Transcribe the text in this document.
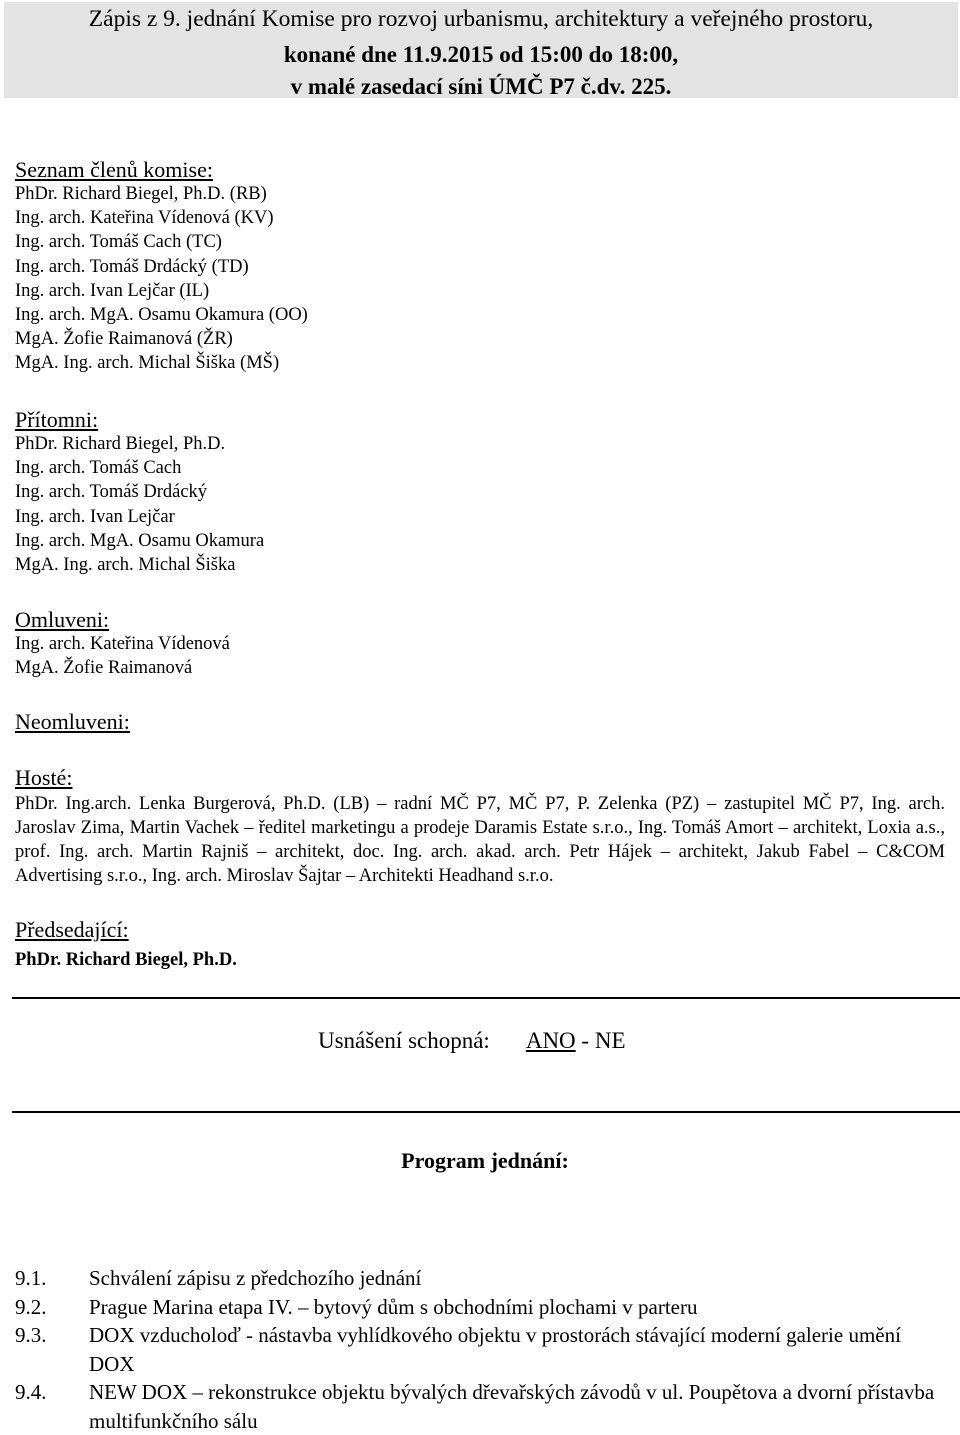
Zápis z 9. jednání Komise pro rozvoj urbanismu, architektury a veřejného prostoru,
konané dne 11.9.2015 od 15:00 do 18:00,
v malé zasedací síni ÚMČ P7 č.dv. 225.

Seznam členů komise:

PhDr. Richard Biegel, Ph.D. (RB)

Ing. arch. Kateřina Vídenová (KV)

Ing. arch. Tomáš Cach (TC)

Ing. arch. Tomáš Drdácký (TD)

Ing. arch. Ivan Lejčar (IL)

Ing. arch. MgA. Osamu Okamura (OO)

MgA. Žofie Raimanová (ŽR)

MgA. Ing. arch. Michal Šiška (MŠ)

Přítomni:

PhDr. Richard Biegel, Ph.D.

Ing. arch. Tomáš Cach

Ing. arch. Tomáš Drdácký

Ing. arch. Ivan Lejčar

Ing. arch. MgA. Osamu Okamura

MgA. Ing. arch. Michal Šiška

Omluveni:

Ing. arch. Kateřina Vídenová

MgA. Žofie Raimanová

Neomluveni:

Hosté:

PhDr. Ing.arch. Lenka Burgerová, Ph.D. (LB) – radní MČ P7, MČ P7, P. Zelenka (PZ) – zastupitel MČ P7, Ing. arch. Jaroslav Zima, Martin Vachek – ředitel marketingu a prodeje Daramis Estate s.r.o., Ing. Tomáš Amort – architekt, Loxia a.s., prof. Ing. arch. Martin Rajniš – architekt, doc. Ing. arch. akad. arch. Petr Hájek – architekt, Jakub Fabel – C&COM Advertising s.r.o., Ing. arch. Miroslav Šajtar – Architekti Headhand s.r.o.

Předsedající:

PhDr. Richard Biegel, Ph.D.

Usnášení schopná: ANO - NE
Program jednání:
9.1.	Schválení zápisu z předchozího jednání
9.2.	Prague Marina etapa IV. – bytový dům s obchodními plochami v parteru
9.3.	DOX vzducholoď - nástavba vyhlídkového objektu v prostorách stávající moderní galerie umění DOX
9.4.	NEW DOX – rekonstrukce objektu bývalých dřevařských závodů v ul. Poupětova a dvorní přístavba multifunkčního sálu
